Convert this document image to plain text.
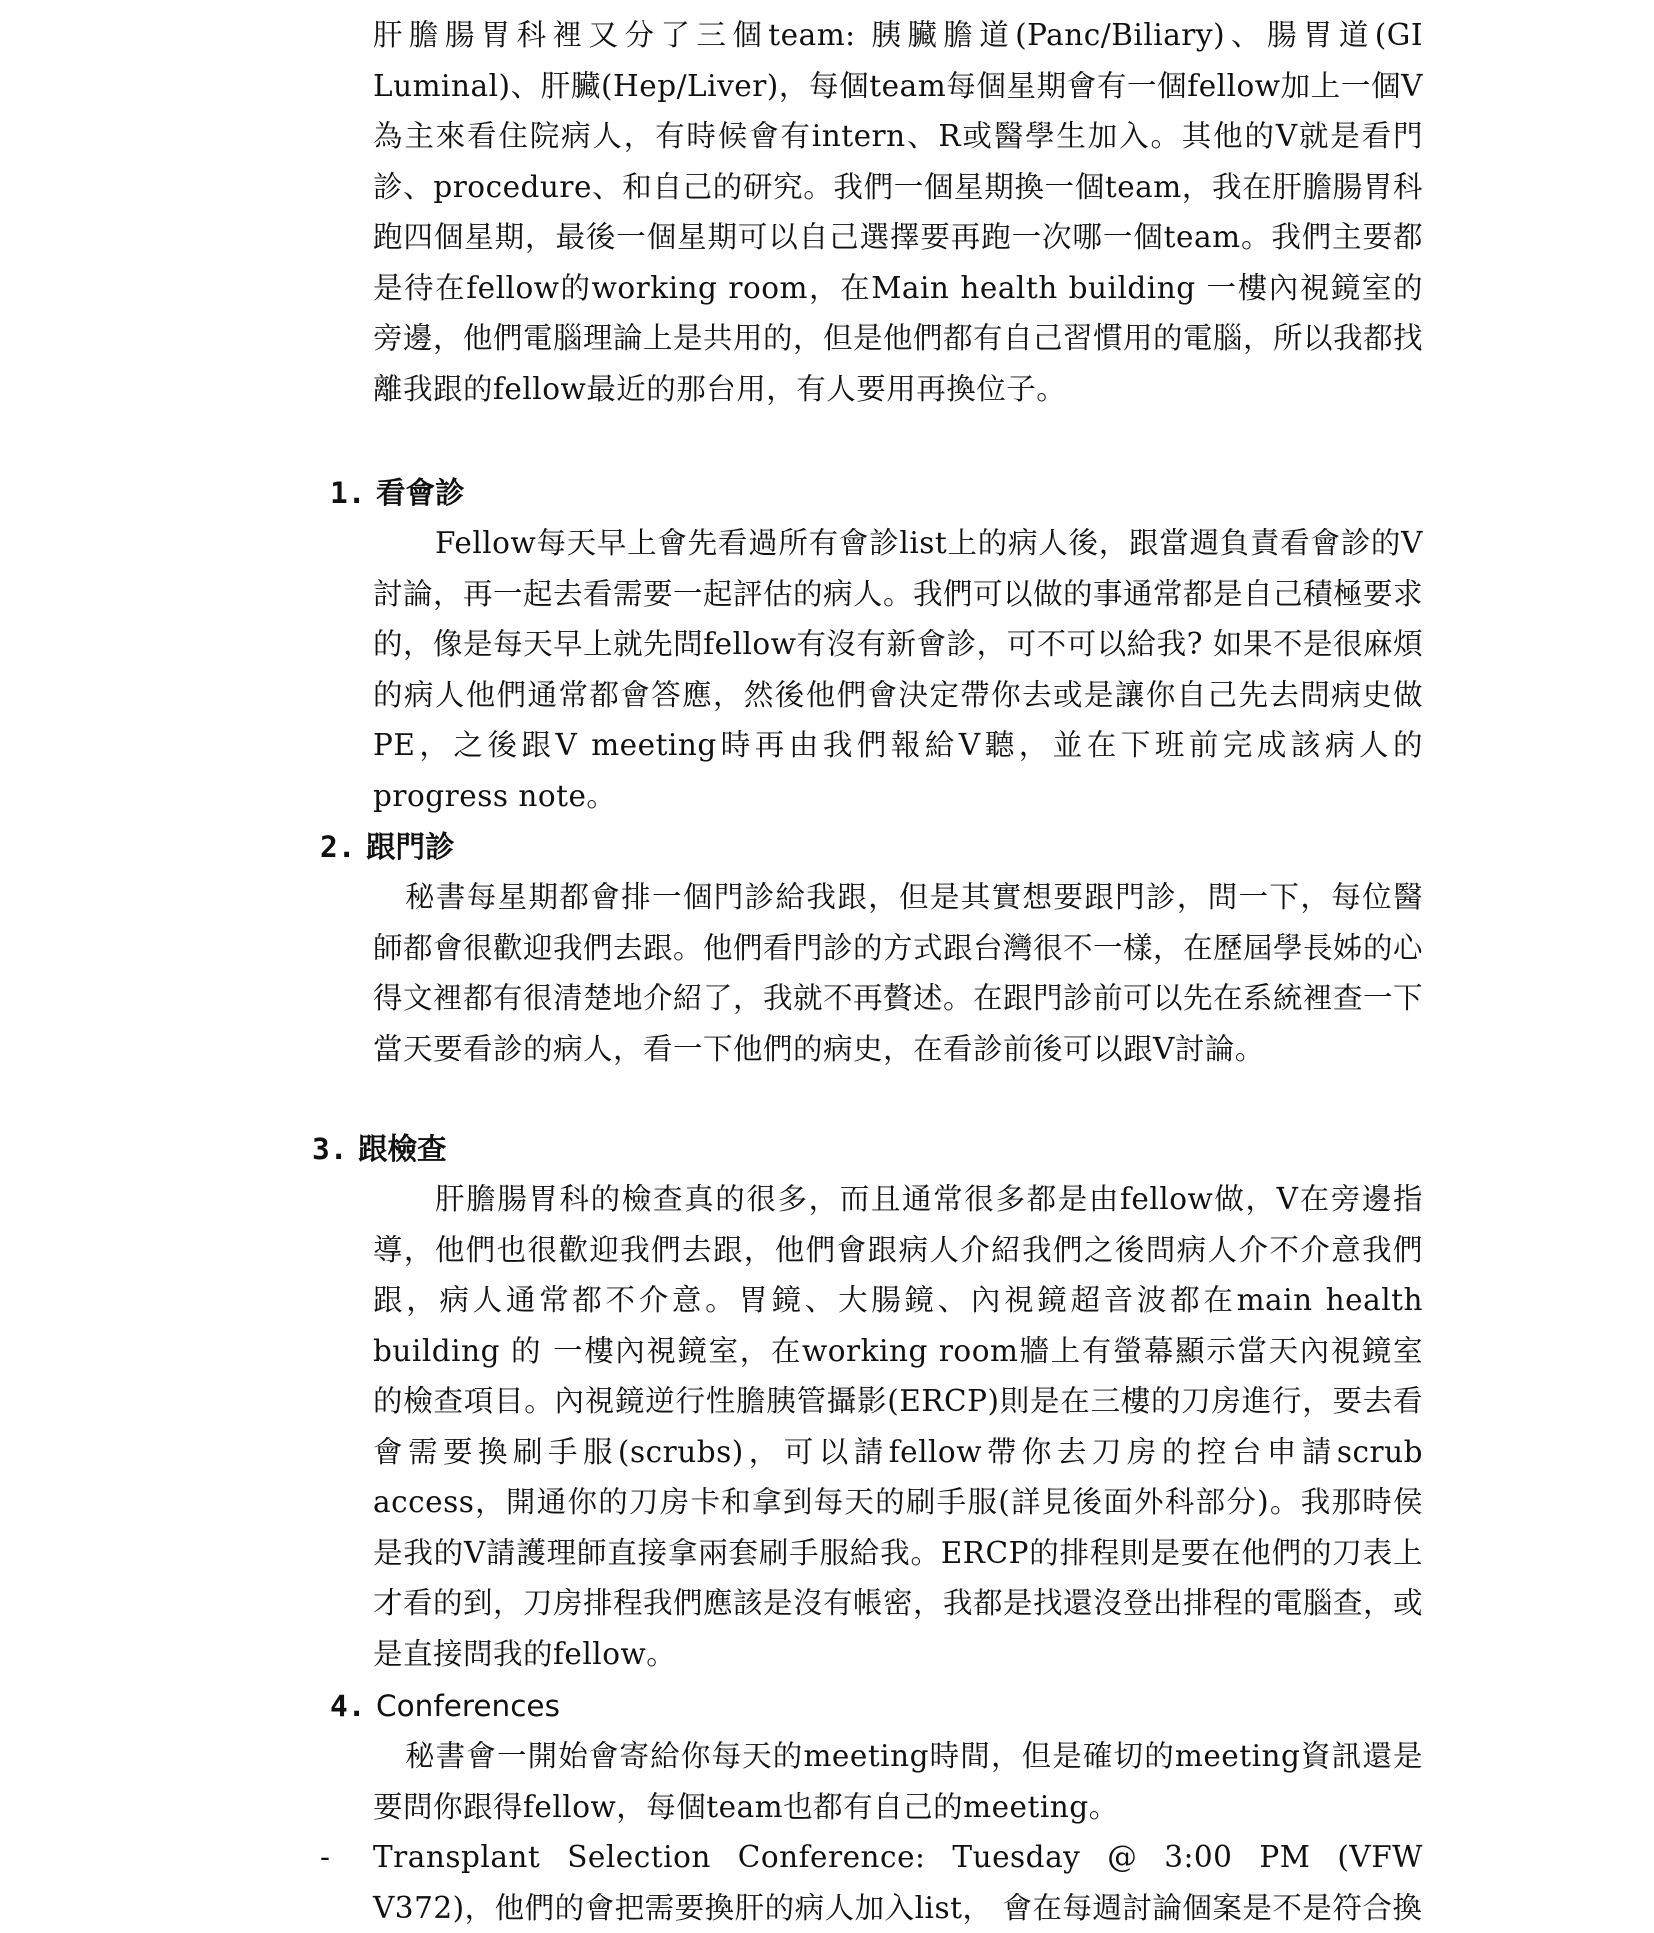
肝膽腸胃科裡又分了三個team: 胰臟膽道(Panc/Biliary)、腸胃道(GI Luminal)、肝臟(Hep/Liver)，每個team每個星期會有一個fellow加上一個V為主來看住院病人，有時候會有intern、R或醫學生加入。其他的V就是看門診、procedure、和自己的研究。我們一個星期換一個team，我在肝膽腸胃科跑四個星期，最後一個星期可以自己選擇要再跑一次哪一個team。我們主要都是待在fellow的working room，在Main health building 一樓內視鏡室的旁邊，他們電腦理論上是共用的，但是他們都有自己習慣用的電腦，所以我都找離我跟的fellow最近的那台用，有人要用再換位子。

1. 看會診

Fellow每天早上會先看過所有會診list上的病人後，跟當週負責看會診的V討論，再一起去看需要一起評估的病人。我們可以做的事通常都是自己積極要求的，像是每天早上就先問fellow有沒有新會診，可不可以給我? 如果不是很麻煩的病人他們通常都會答應，然後他們會決定帶你去或是讓你自己先去問病史做PE，之後跟V meeting時再由我們報給V聽，並在下班前完成該病人的progress note。

2. 跟門診

秘書每星期都會排一個門診給我跟，但是其實想要跟門診，問一下，每位醫師都會很歡迎我們去跟。他們看門診的方式跟台灣很不一樣，在歷屆學長姊的心得文裡都有很清楚地介紹了，我就不再贅述。在跟門診前可以先在系統裡查一下當天要看診的病人，看一下他們的病史，在看診前後可以跟V討論。

3. 跟檢查

肝膽腸胃科的檢查真的很多，而且通常很多都是由fellow做，V在旁邊指導，他們也很歡迎我們去跟，他們會跟病人介紹我們之後問病人介不介意我們跟，病人通常都不介意。胃鏡、大腸鏡、內視鏡超音波都在main health building 的 一樓內視鏡室，在working room牆上有螢幕顯示當天內視鏡室的檢查項目。內視鏡逆行性膽胰管攝影(ERCP)則是在三樓的刀房進行，要去看會需要換刷手服(scrubs)，可以請fellow帶你去刀房的控台申請scrub access，開通你的刀房卡和拿到每天的刷手服(詳見後面外科部分)。我那時侯是我的V請護理師直接拿兩套刷手服給我。ERCP的排程則是要在他們的刀表上才看的到，刀房排程我們應該是沒有帳密，我都是找還沒登出排程的電腦查，或是直接問我的fellow。

4. Conferences

秘書會一開始會寄給你每天的meeting時間，但是確切的meeting資訊還是要問你跟得fellow，每個team也都有自己的meeting。

- Transplant Selection Conference: Tuesday @ 3:00 PM (VFW V372)，他們的會把需要換肝的病人加入list， 會在每週討論個案是不是符合換
